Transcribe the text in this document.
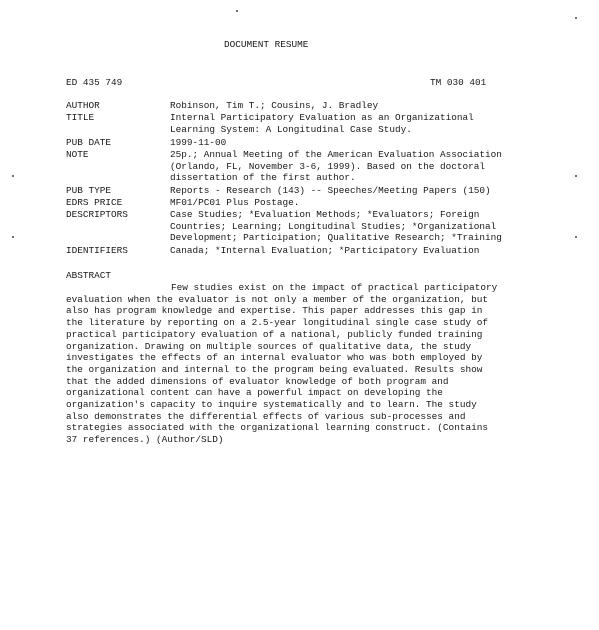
DOCUMENT RESUME
ED 435 749	TM 030 401
AUTHOR	Robinson, Tim T.; Cousins, J. Bradley
TITLE	Internal Participatory Evaluation as an Organizational
Learning System: A Longitudinal Case Study.
PUB DATE	1999-11-00
NOTE	25p.; Annual Meeting of the American Evaluation Association
(Orlando, FL, November 3-6, 1999). Based on the doctoral
dissertation of the first author.
PUB TYPE	Reports - Research (143) -- Speeches/Meeting Papers (150)
EDRS PRICE	MF01/PC01 Plus Postage.
DESCRIPTORS	Case Studies; *Evaluation Methods; *Evaluators; Foreign
Countries; Learning; Longitudinal Studies; *Organizational
Development; Participation; Qualitative Research; *Training
IDENTIFIERS	Canada; *Internal Evaluation; *Participatory Evaluation
ABSTRACT
Few studies exist on the impact of practical participatory
evaluation when the evaluator is not only a member of the organization, but
also has program knowledge and expertise. This paper addresses this gap in
the literature by reporting on a 2.5-year longitudinal single case study of
practical participatory evaluation of a national, publicly funded training
organization. Drawing on multiple sources of qualitative data, the study
investigates the effects of an internal evaluator who was both employed by
the organization and internal to the program being evaluated. Results show
that the added dimensions of evaluator knowledge of both program and
organizational content can have a powerful impact on developing the
organization's capacity to inquire systematically and to learn. The study
also demonstrates the differential effects of various sub-processes and
strategies associated with the organizational learning construct. (Contains
37 references.) (Author/SLD)
